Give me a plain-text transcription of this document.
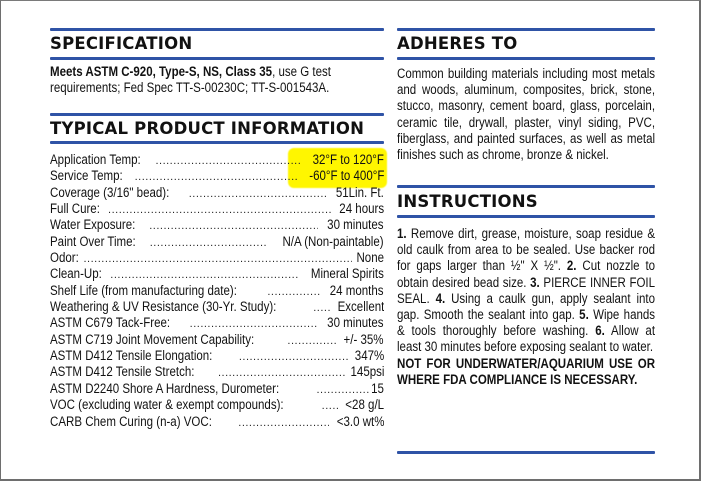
SPECIFICATION
Meets ASTM C-920, Type-S, NS, Class 35, use G test
requirements; Fed Spec TT-S-00230C; TT-S-001543A.
TYPICAL PRODUCT INFORMATION
Application Temp: .....	32°F to 120°F
Service Temp: .....	-60°F to 400°F
Coverage (3/16" bead): .....	51Lin. Ft.
Full Cure: .....	24 hours
Water Exposure: .....	30 minutes
Paint Over Time: .....	N/A (Non-paintable)
Odor: .....	None
Clean-Up: .....	Mineral Spirits
Shelf Life (from manufacturing date): .....	24 months
Weathering & UV Resistance (30-Yr. Study): .....	Excellent
ASTM C679 Tack-Free: .....	30 minutes
ASTM C719 Joint Movement Capability: .....	+/- 35%
ASTM D412 Tensile Elongation: .....	347%
ASTM D412 Tensile Stretch: .....	145psi
ASTM D2240 Shore A Hardness, Durometer: .....	15
VOC (excluding water & exempt compounds): .....	<28 g/L
CARB Chem Curing (n-a) VOC: .....	<3.0 wt%
ADHERES TO
Common building materials including most metals and woods, aluminum, composites, brick, stone, stucco, masonry, cement board, glass, porcelain, ceramic tile, drywall, plaster, vinyl siding, PVC, fiberglass, and painted surfaces, as well as metal finishes such as chrome, bronze & nickel.
INSTRUCTIONS
1. Remove dirt, grease, moisture, soap residue & old caulk from area to be sealed. Use backer rod for gaps larger than ½" X ½". 2. Cut nozzle to obtain desired bead size. 3. PIERCE INNER FOIL SEAL. 4. Using a caulk gun, apply sealant into gap. Smooth the sealant into gap. 5. Wipe hands & tools thoroughly before washing. 6. Allow at least 30 minutes before exposing sealant to water.
NOT FOR UNDERWATER/AQUARIUM USE OR WHERE FDA COMPLIANCE IS NECESSARY.
